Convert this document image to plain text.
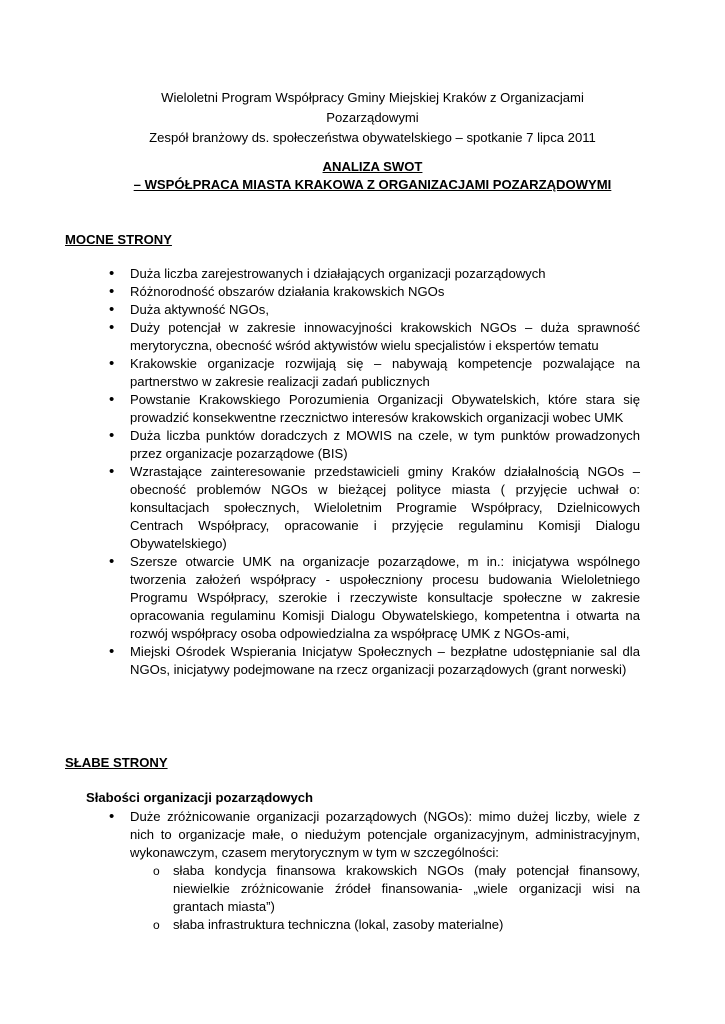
Wieloletni Program Współpracy Gminy Miejskiej Kraków z Organizacjami
Pozarządowymi
Zespół branżowy ds. społeczeństwa obywatelskiego – spotkanie 7 lipca 2011
ANALIZA SWOT
– WSPÓŁPRACA MIASTA KRAKOWA Z ORGANIZACJAMI POZARZĄDOWYMI
MOCNE STRONY
• Duża liczba zarejestrowanych i działających organizacji pozarządowych
• Różnorodność obszarów działania krakowskich NGOs
• Duża aktywność NGOs,
• Duży potencjał w zakresie innowacyjności krakowskich NGOs – duża sprawność merytoryczna, obecność wśród aktywistów wielu specjalistów i ekspertów tematu
• Krakowskie organizacje rozwijają się – nabywają kompetencje pozwalające na partnerstwo w zakresie realizacji zadań publicznych
• Powstanie Krakowskiego Porozumienia Organizacji Obywatelskich, które stara się prowadzić konsekwentne rzecznictwo interesów krakowskich organizacji wobec UMK
• Duża liczba punktów doradczych z MOWIS na czele, w tym punktów prowadzonych przez organizacje pozarządowe (BIS)
• Wzrastające zainteresowanie przedstawicieli gminy Kraków działalnością NGOs – obecność problemów NGOs w bieżącej polityce miasta ( przyjęcie uchwał o: konsultacjach społecznych, Wieloletnim Programie Współpracy, Dzielnicowych Centrach Współpracy, opracowanie i przyjęcie regulaminu Komisji Dialogu Obywatelskiego)
• Szersze otwarcie UMK na organizacje pozarządowe, m in.: inicjatywa wspólnego tworzenia założeń współpracy - uspołeczniony procesu budowania Wieloletniego Programu Współpracy, szerokie i rzeczywiste konsultacje społeczne w zakresie opracowania regulaminu Komisji Dialogu Obywatelskiego, kompetentna i otwarta na rozwój współpracy osoba odpowiedzialna za współpracę UMK z NGOs-ami,
• Miejski Ośrodek Wspierania Inicjatyw Społecznych – bezpłatne udostępnianie sal dla NGOs, inicjatywy podejmowane na rzecz organizacji pozarządowych (grant norweski)
SŁABE STRONY
Słabości organizacji pozarządowych
• Duże zróżnicowanie organizacji pozarządowych (NGOs): mimo dużej liczby, wiele z nich to organizacje małe, o niedużym potencjale organizacyjnym, administracyjnym, wykonawczym, czasem merytorycznym w tym w szczególności:
o słaba kondycja finansowa krakowskich NGOs (mały potencjał finansowy, niewielkie zróżnicowanie źródeł finansowania- „wiele organizacji wisi na grantach miasta”)
o słaba infrastruktura techniczna (lokal, zasoby materialne)
